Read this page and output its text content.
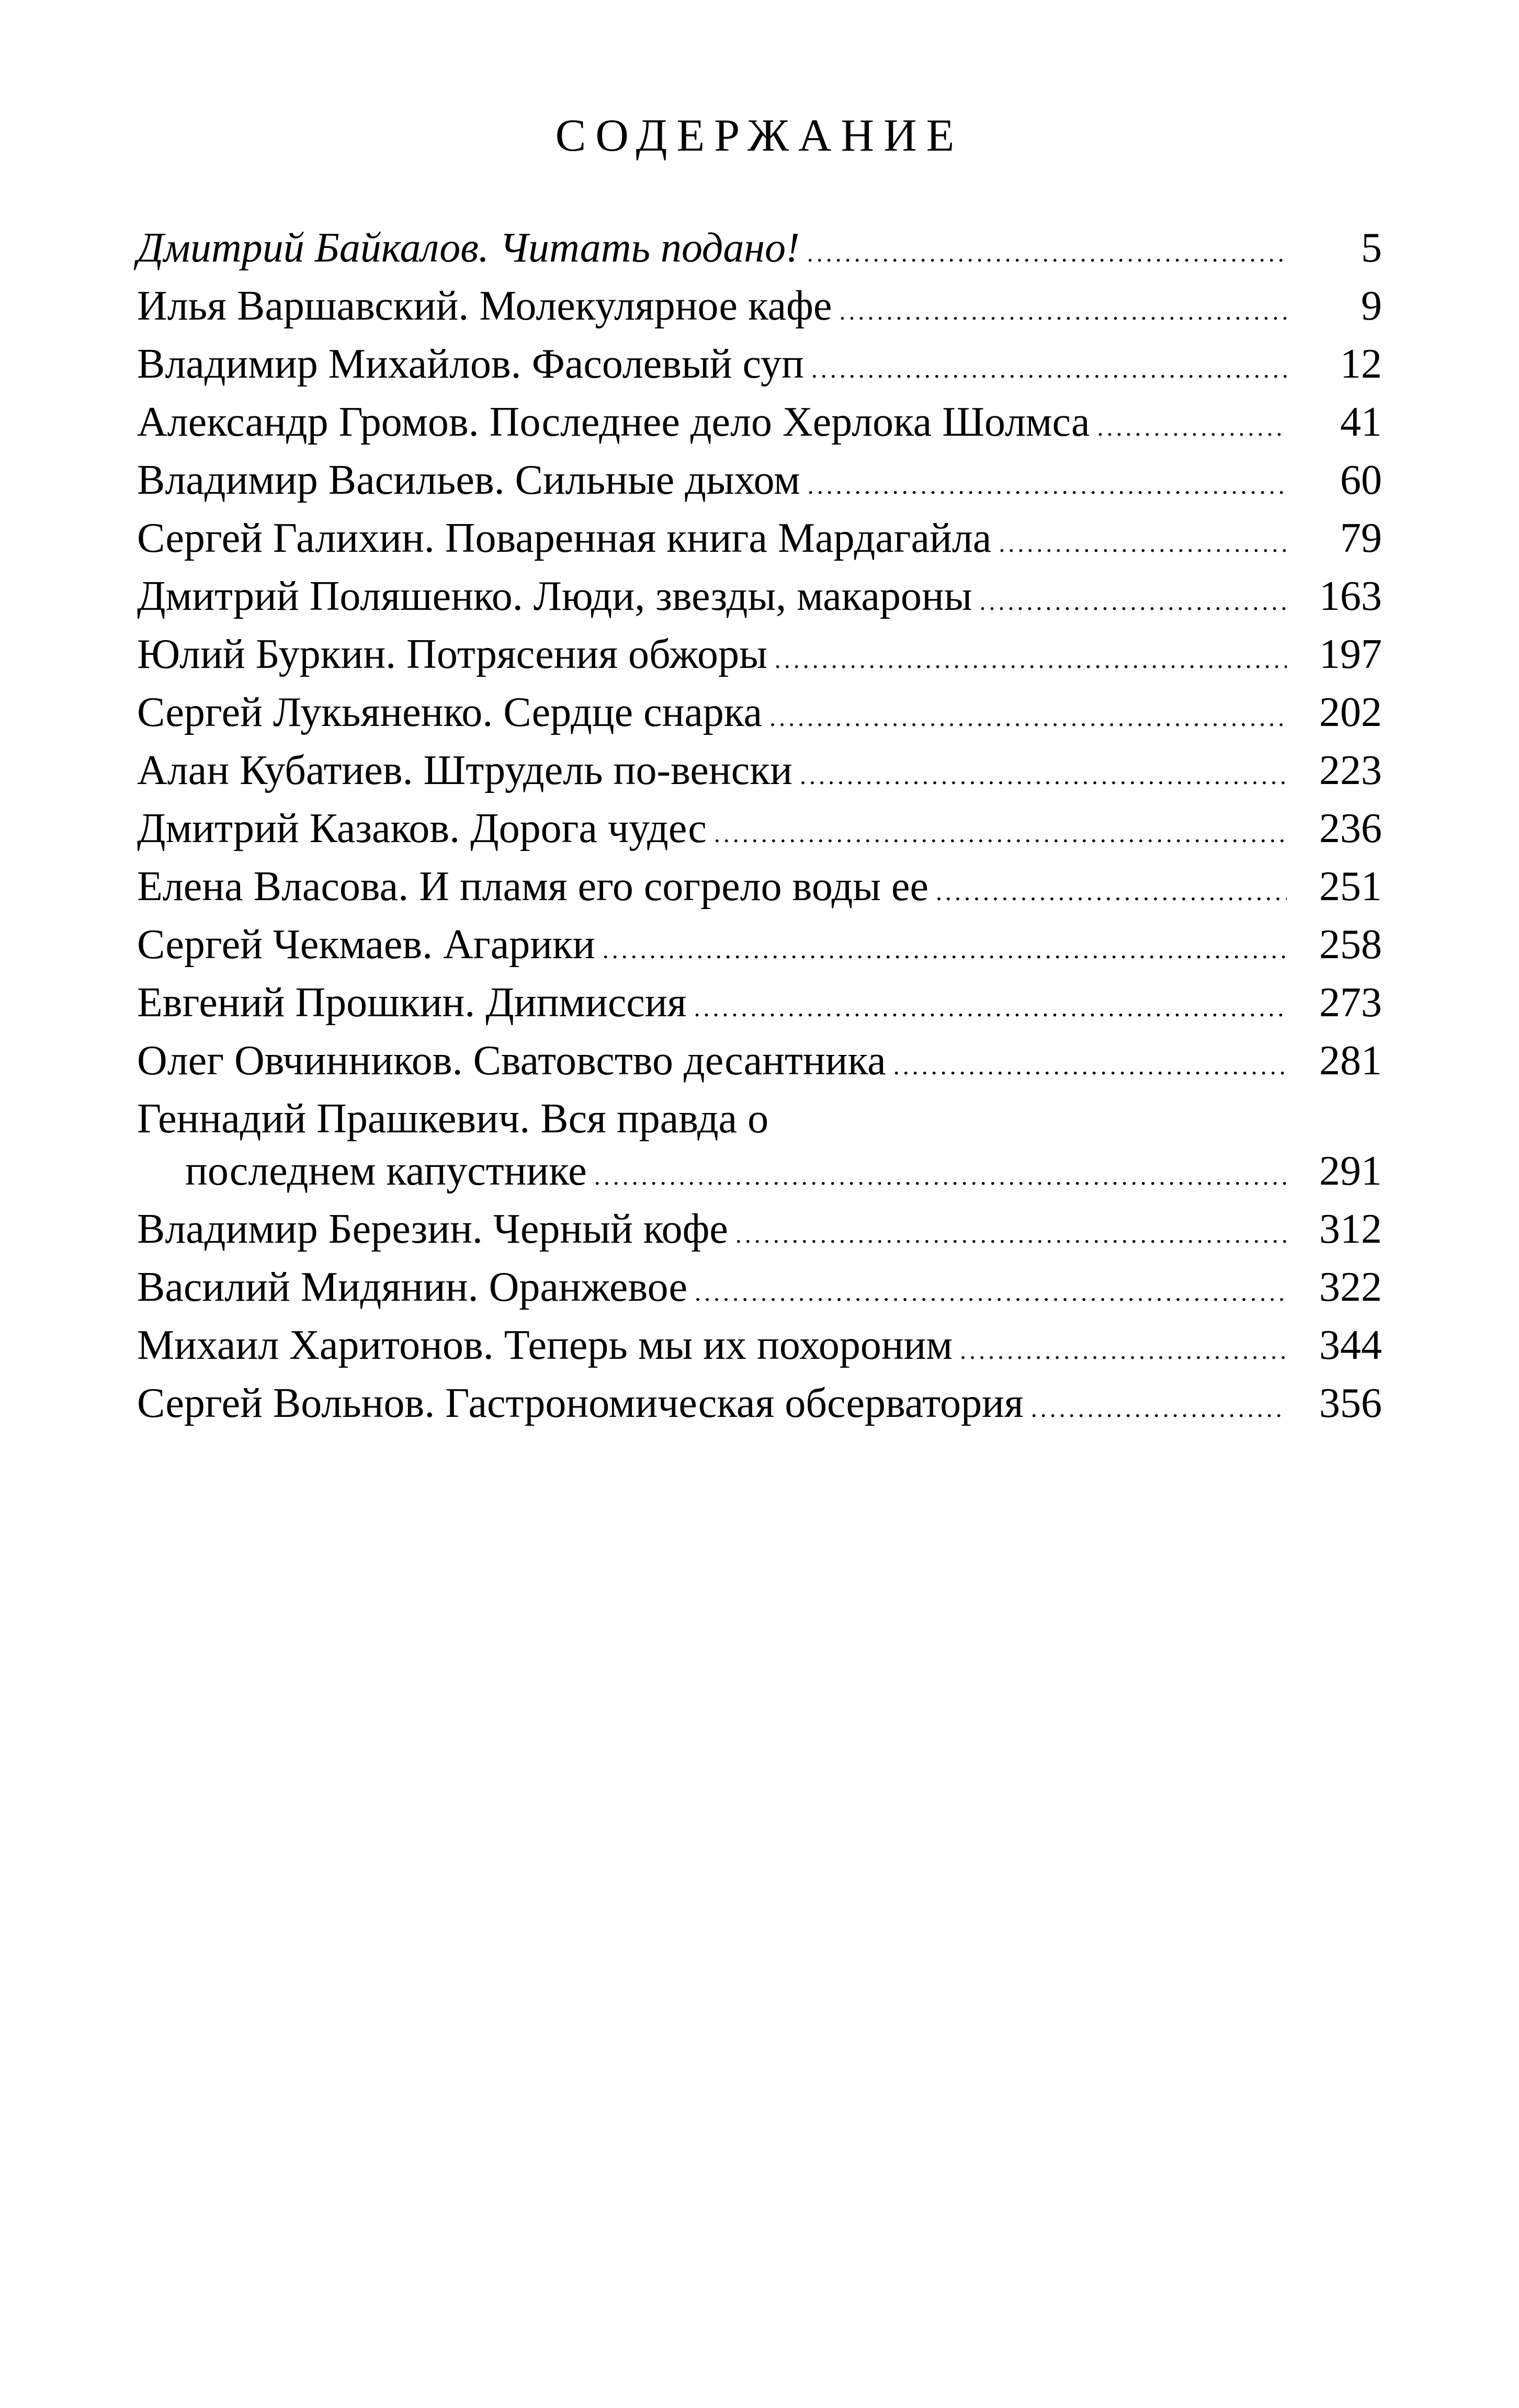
СОДЕРЖАНИЕ
Дмитрий Байкалов. Читать подано! .....	5
Илья Варшавский. Молекулярное кафе .....	9
Владимир Михайлов. Фасолевый суп .....	12
Александр Громов. Последнее дело Херлока Шолмса .....	41
Владимир Васильев. Сильные дыхом .....	60
Сергей Галихин. Поваренная книга Мардагайла .....	79
Дмитрий Поляшенко. Люди, звезды, макароны .....	163
Юлий Буркин. Потрясения обжоры .....	197
Сергей Лукьяненко. Сердце снарка .....	202
Алан Кубатиев. Штрудель по-венски .....	223
Дмитрий Казаков. Дорога чудес .....	236
Елена Власова. И пламя его согрело воды ее .....	251
Сергей Чекмаев. Агарики .....	258
Евгений Прошкин. Дипмиссия .....	273
Олег Овчинников. Сватовство десантника .....	281
Геннадий Прашкевич. Вся правда о
последнем капустнике .....	291
Владимир Березин. Черный кофе .....	312
Василий Мидянин. Оранжевое .....	322
Михаил Харитонов. Теперь мы их похороним .....	344
Сергей Вольнов. Гастрономическая обсерватория .....	356
